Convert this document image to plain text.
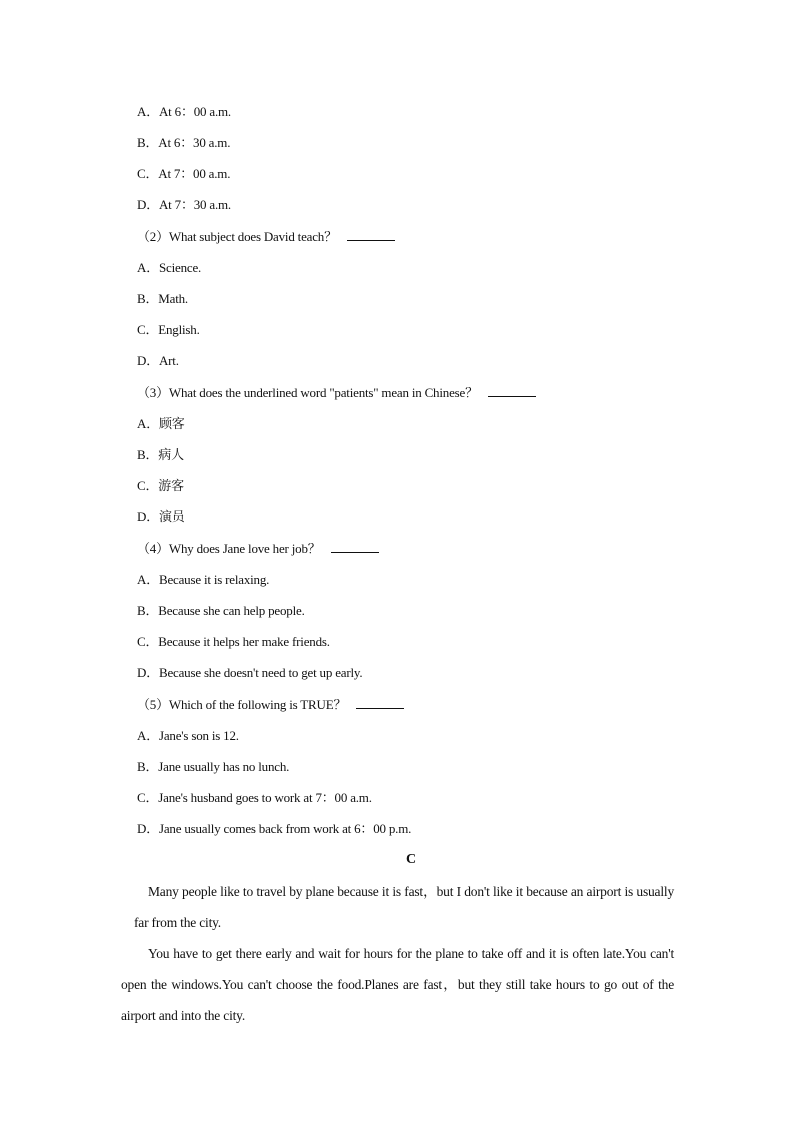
A．At 6：00 a.m.
B．At 6：30 a.m.
C．At 7：00 a.m.
D．At 7：30 a.m.
（2）What subject does David teach？
A．Science.
B．Math.
C．English.
D．Art.
（3）What does the underlined word "patients" mean in Chinese？
A．顾客
B．病人
C．游客
D．演员
（4）Why does Jane love her job？
A．Because it is relaxing.
B．Because she can help people.
C．Because it helps her make friends.
D．Because she doesn't need to get up early.
（5）Which of the following is TRUE？
A．Jane's son is 12.
B．Jane usually has no lunch.
C．Jane's husband goes to work at 7：00 a.m.
D．Jane usually comes back from work at 6：00 p.m.
C
Many people like to travel by plane because it is fast，but I don't like it because an airport is usually far from the city.
You have to get there early and wait for hours for the plane to take off and it is often late.You can't open the windows.You can't choose the food.Planes are fast，but they still take hours to go out of the airport and into the city.
